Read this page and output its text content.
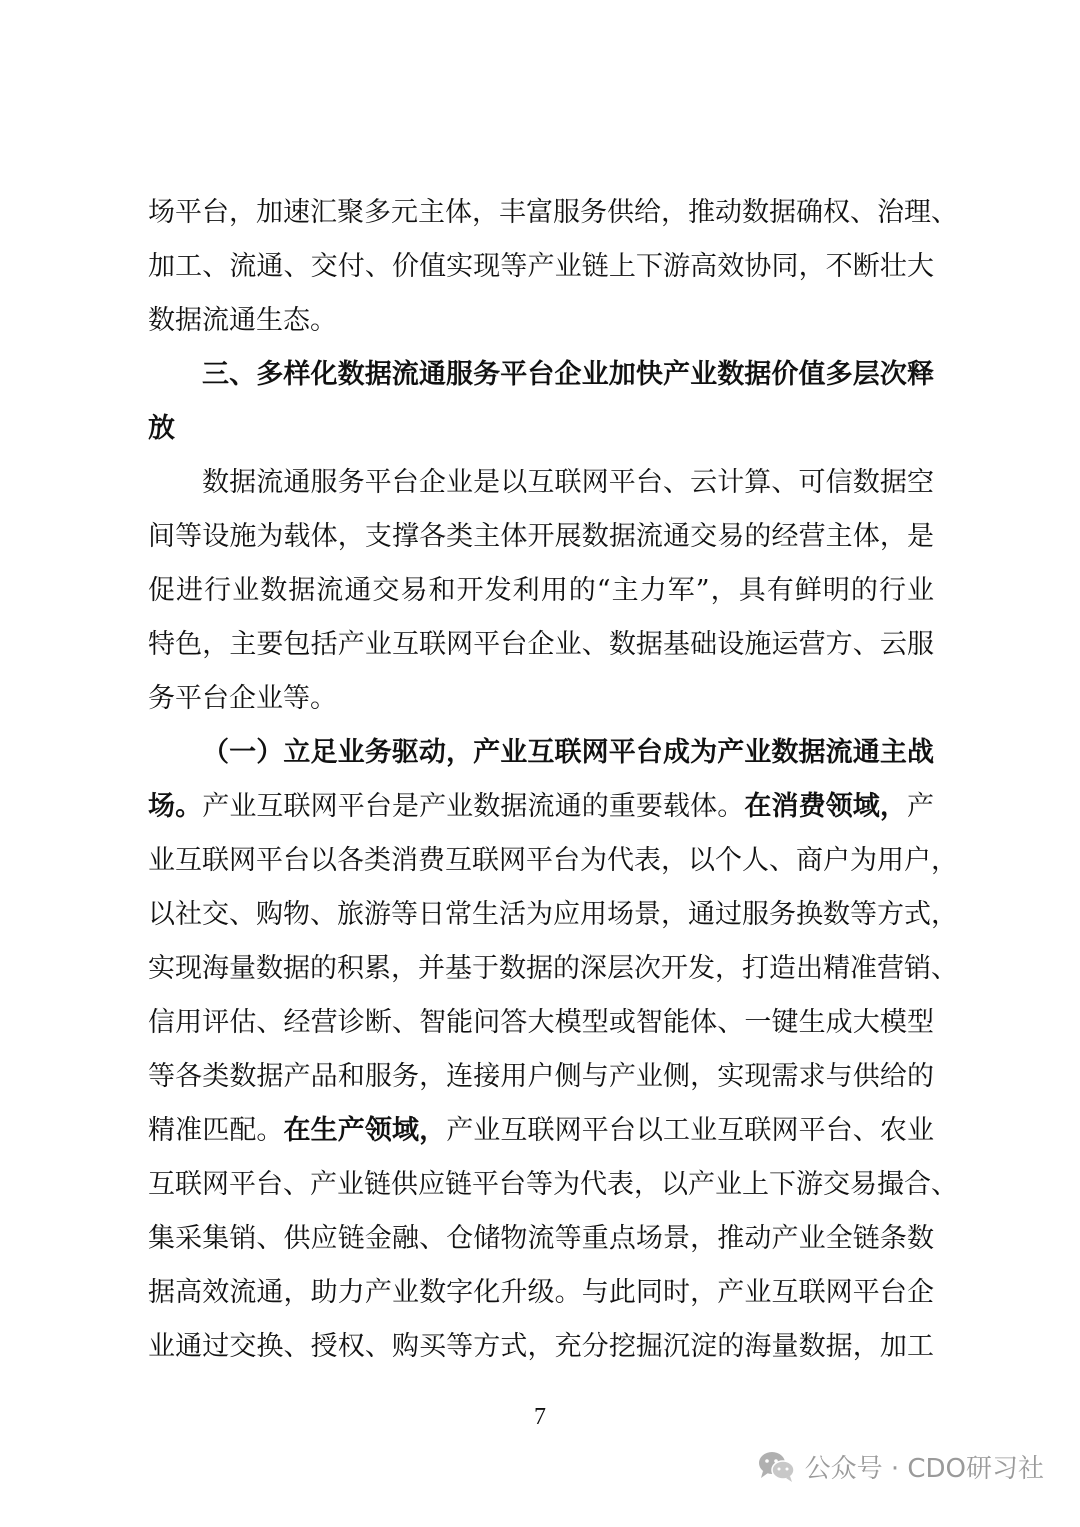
场平台，加速汇聚多元主体，丰富服务供给，推动数据确权、治理、
加工、流通、交付、价值实现等产业链上下游高效协同，不断壮大
数据流通生态。
三、多样化数据流通服务平台企业加快产业数据价值多层次释
放
数据流通服务平台企业是以互联网平台、云计算、可信数据空
间等设施为载体，支撑各类主体开展数据流通交易的经营主体，是
促进行业数据流通交易和开发利用的“主力军”，具有鲜明的行业
特色，主要包括产业互联网平台企业、数据基础设施运营方、云服
务平台企业等。
（一）立足业务驱动，产业互联网平台成为产业数据流通主战
场。产业互联网平台是产业数据流通的重要载体。在消费领域，产
业互联网平台以各类消费互联网平台为代表，以个人、商户为用户，
以社交、购物、旅游等日常生活为应用场景，通过服务换数等方式，
实现海量数据的积累，并基于数据的深层次开发，打造出精准营销、
信用评估、经营诊断、智能问答大模型或智能体、一键生成大模型
等各类数据产品和服务，连接用户侧与产业侧，实现需求与供给的
精准匹配。在生产领域，产业互联网平台以工业互联网平台、农业
互联网平台、产业链供应链平台等为代表，以产业上下游交易撮合、
集采集销、供应链金融、仓储物流等重点场景，推动产业全链条数
据高效流通，助力产业数字化升级。与此同时，产业互联网平台企
业通过交换、授权、购买等方式，充分挖掘沉淀的海量数据，加工
7
公众号 · CDO研习社
